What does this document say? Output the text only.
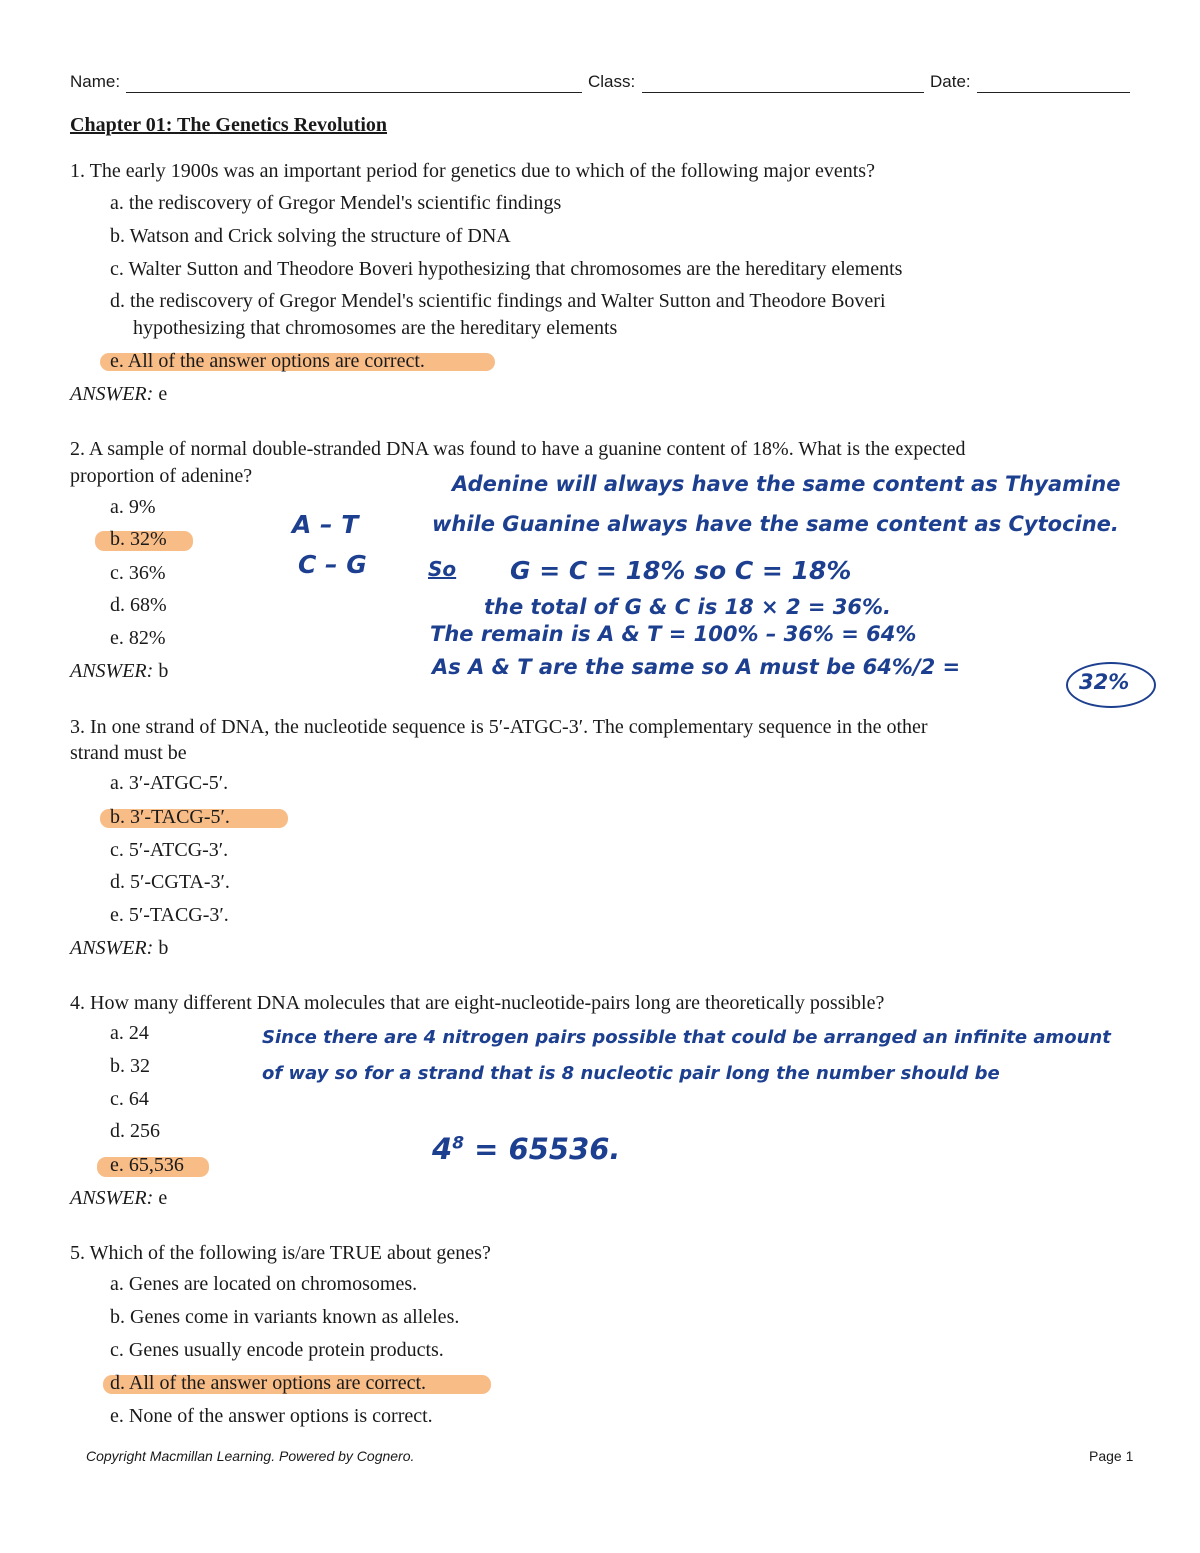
Name:	Class:	Date:
Chapter 01: The Genetics Revolution
1. The early 1900s was an important period for genetics due to which of the following major events?
a. the rediscovery of Gregor Mendel's scientific findings
b. Watson and Crick solving the structure of DNA
c. Walter Sutton and Theodore Boveri hypothesizing that chromosomes are the hereditary elements
d. the rediscovery of Gregor Mendel's scientific findings and Walter Sutton and Theodore Boveri
hypothesizing that chromosomes are the hereditary elements
e. All of the answer options are correct.
ANSWER: e
2. A sample of normal double-stranded DNA was found to have a guanine content of 18%. What is the expected
proportion of adenine?
a. 9%
b. 32%
c. 36%
d. 68%
e. 82%
ANSWER: b
A – T
C – G
Adenine will always have the same content as Thyamine
while Guanine always have the same content as Cytocine.
So G = C = 18% so C = 18%
the total of G & C is 18 × 2 = 36%.
The remain is A & T = 100% – 36% = 64%
As A & T are the same so A must be 64%/2 =
32%
3. In one strand of DNA, the nucleotide sequence is 5′-ATGC-3′. The complementary sequence in the other
strand must be
a. 3′-ATGC-5′.
b. 3′-TACG-5′.
c. 5′-ATCG-3′.
d. 5′-CGTA-3′.
e. 5′-TACG-3′.
ANSWER: b
4. How many different DNA molecules that are eight-nucleotide-pairs long are theoretically possible?
a. 24
b. 32
c. 64
d. 256
e. 65,536
ANSWER: e
Since there are 4 nitrogen pairs possible that could be arranged an infinite amount
of way so for a strand that is 8 nucleotic pair long the number should be
$4^8 = 65536$.
5. Which of the following is/are TRUE about genes?
a. Genes are located on chromosomes.
b. Genes come in variants known as alleles.
c. Genes usually encode protein products.
d. All of the answer options are correct.
e. None of the answer options is correct.
Copyright Macmillan Learning. Powered by Cognero.	Page 1
